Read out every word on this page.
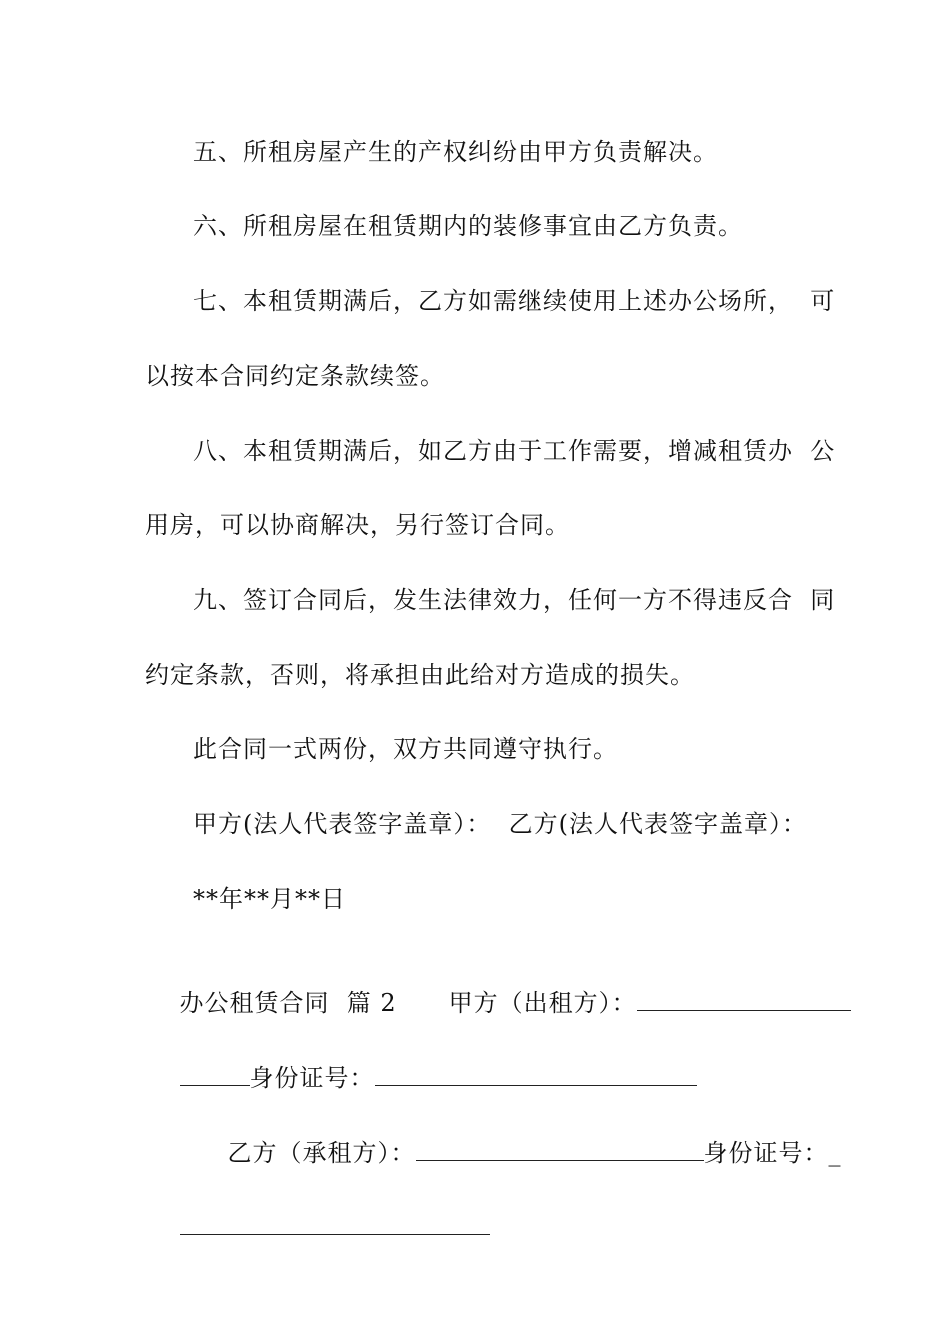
五、所租房屋产生的产权纠纷由甲方负责解决。
六、所租房屋在租赁期内的装修事宜由乙方负责。
七、本租赁期满后，乙方如需继续使用上述办公场所，  可
以按本合同约定条款续签。
八、本租赁期满后，如乙方由于工作需要，增减租赁办  公
用房，可以协商解决，另行签订合同。
九、签订合同后，发生法律效力，任何一方不得违反合  同
约定条款，否则，将承担由此给对方造成的损失。
此合同一式两份，双方共同遵守执行。
甲方(法人代表签字盖章）：  乙方(法人代表签字盖章）：
**年**月**日

办公租赁合同  篇 2 甲方（出租方）：

身份证号：

乙方（承租方）：	身份证号：_
